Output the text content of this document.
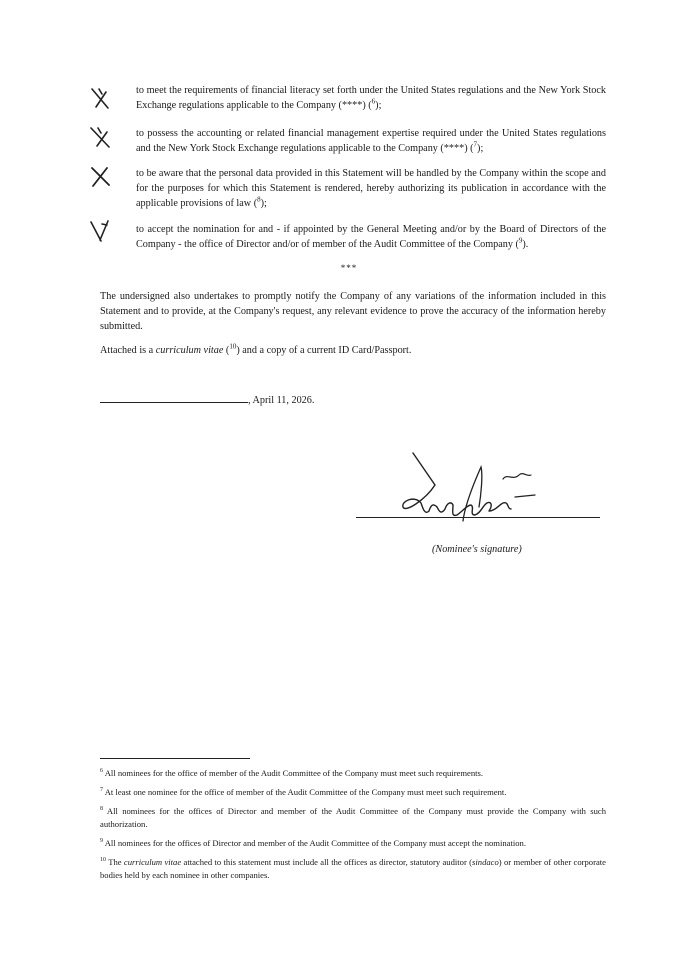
to meet the requirements of financial literacy set forth under the United States regulations and the New York Stock Exchange regulations applicable to the Company (****) ($^6$);

to possess the accounting or related financial management expertise required under the United States regulations and the New York Stock Exchange regulations applicable to the Company (****) ($^7$);

to be aware that the personal data provided in this Statement will be handled by the Company within the scope and for the purposes for which this Statement is rendered, hereby authorizing its publication in accordance with the applicable provisions of law ($^8$);

to accept the nomination for and - if appointed by the General Meeting and/or by the Board of Directors of the Company - the office of Director and/or of member of the Audit Committee of the Company ($^9$).

***

The undersigned also undertakes to promptly notify the Company of any variations of the information included in this Statement and to provide, at the Company's request, any relevant evidence to prove the accuracy of the information hereby submitted.

Attached is a curriculum vitae ($^{10}$) and a copy of a current ID Card/Passport.

, April 11, 2026.
(Nominee's signature)

$^6$ All nominees for the office of member of the Audit Committee of the Company must meet such requirements.

$^7$ At least one nominee for the office of member of the Audit Committee of the Company must meet such requirement.

$^8$ All nominees for the offices of Director and member of the Audit Committee of the Company must provide the Company with such authorization.

$^9$ All nominees for the offices of Director and member of the Audit Committee of the Company must accept the nomination.

$^{10}$ The curriculum vitae attached to this statement must include all the offices as director, statutory auditor (sindaco) or member of other corporate bodies held by each nominee in other companies.
